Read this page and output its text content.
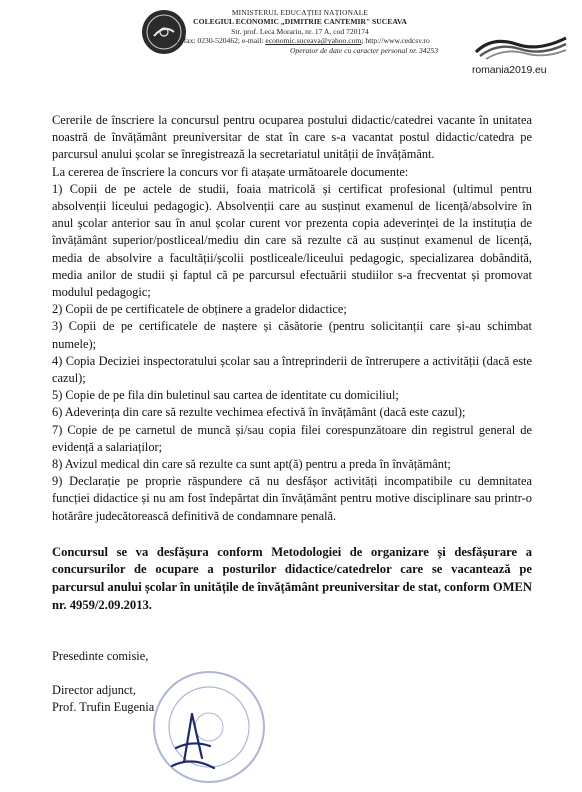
MINISTERUL EDUCAȚIEI NAȚIONALE
COLEGIUL ECONOMIC „DIMITRIE CANTEMIR" SUCEAVA
Str. prof. Leca Morariu, nr. 17 A, cod 720174
tel./ fax: 0230-520462; e-mail: economic.suceava@yahoo.com; http://www.cedcsv.ro
Operator de date cu caracter personal nr. 34253
romania2019.eu

Cererile de înscriere la concursul pentru ocuparea postului didactic/catedrei vacante în unitatea noastră de învățământ preuniversitar de stat în care s-a vacantat postul didactic/catedra pe parcursul anului școlar se înregistrează la secretariatul unității de învățământ.

La cererea de înscriere la concurs vor fi atașate următoarele documente:

1) Copii de pe actele de studii, foaia matricolă și certificat profesional (ultimul pentru absolvenții liceului pedagogic). Absolvenții care au susținut examenul de licență/absolvire în anul școlar anterior sau în anul școlar curent vor prezenta copia adeverinței de la instituția de învățământ superior/postliceal/mediu din care să rezulte că au susținut examenul de licență, media de absolvire a facultății/școlii postliceale/liceului pedagogic, specializarea dobândită, media anilor de studii și faptul că pe parcursul efectuării studiilor s-a frecventat și promovat modulul pedagogic;

2) Copii de pe certificatele de obținere a gradelor didactice;

3) Copii de pe certificatele de naștere și căsătorie (pentru solicitanții care și-au schimbat numele);

4) Copia Deciziei inspectoratului școlar sau a întreprinderii de întrerupere a activității (dacă este cazul);

5) Copie de pe fila din buletinul sau cartea de identitate cu domiciliul;

6) Adeverința din care să rezulte vechimea efectivă în învățământ (dacă este cazul);

7) Copie de pe carnetul de muncă și/sau copia filei corespunzătoare din registrul general de evidență a salariaților;

8) Avizul medical din care să rezulte ca sunt apt(ă) pentru a preda în învățământ;

9) Declarație pe proprie răspundere că nu desfășor activități incompatibile cu demnitatea funcției didactice și nu am fost îndepărtat din învățământ pentru motive disciplinare sau printr-o hotărâre judecătorească definitivă de condamnare penală.

Concursul se va desfășura conform Metodologiei de organizare și desfășurare a concursurilor de ocupare a posturilor didactice/catedrelor care se vacantează pe parcursul anului școlar în unitățile de învățământ preuniversitar de stat, conform OMEN nr. 4959/2.09.2013.

Presedinte comisie,

Director adjunct,

Prof. Trufin Eugenia
